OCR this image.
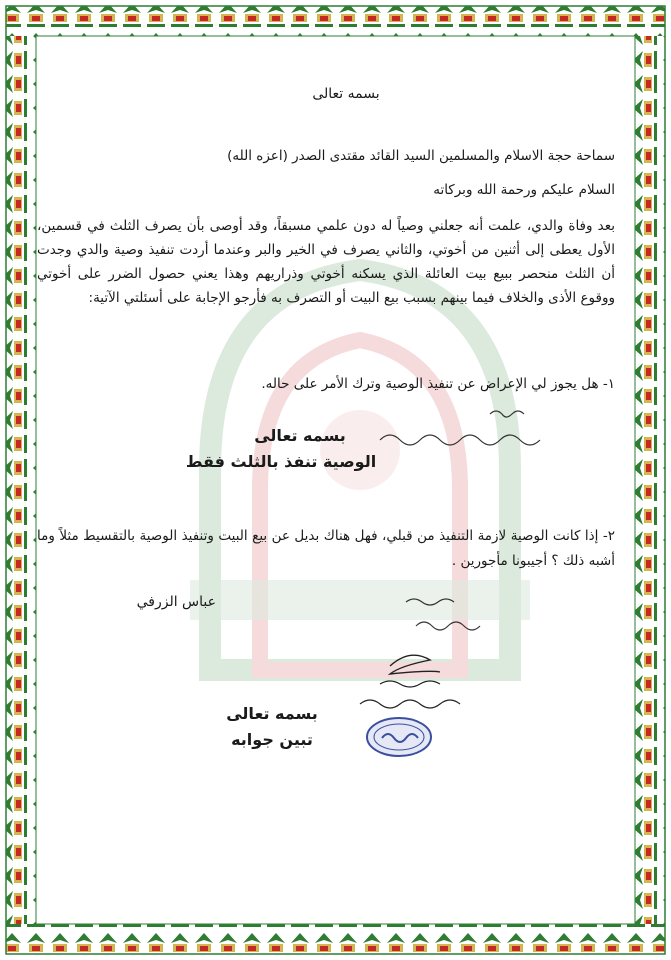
بسمه تعالى
سماحة حجة الاسلام والمسلمين السيد القائد مقتدى الصدر (اعزه الله)
السلام عليكم ورحمة الله وبركاته
بعد وفاة والدي، علمت أنه جعلني وصياً له دون علمي مسبقاً، وقد أوصى بأن يصرف الثلث في قسمين، الأول يعطى إلى أثنين من أخوتي، والثاني يصرف في الخير والبر وعندما أردت تنفيذ وصية والدي وجدت أن الثلث منحصر ببيع بيت العائلة الذي يسكنه أخوتي وذراريهم وهذا يعني حصول الضرر على أخوتي ووقوع الأذى والخلاف فيما بينهم بسبب بيع البيت أو التصرف به فأرجو الإجابة على أسئلتي الآتية:
١- هل يجوز لي الإعراض عن تنفيذ الوصية وترك الأمر على حاله.
بسمه تعالى
الوصية تنفذ بالثلث فقط
٢- إذا كانت الوصية لازمة التنفيذ من قبلي، فهل هناك بديل عن بيع البيت وتنفيذ الوصية بالتقسيط مثلاً وما أشبه ذلك ؟ أجيبونا مأجورين .
عباس الزرفي
بسمه تعالى
تبين جوابه
